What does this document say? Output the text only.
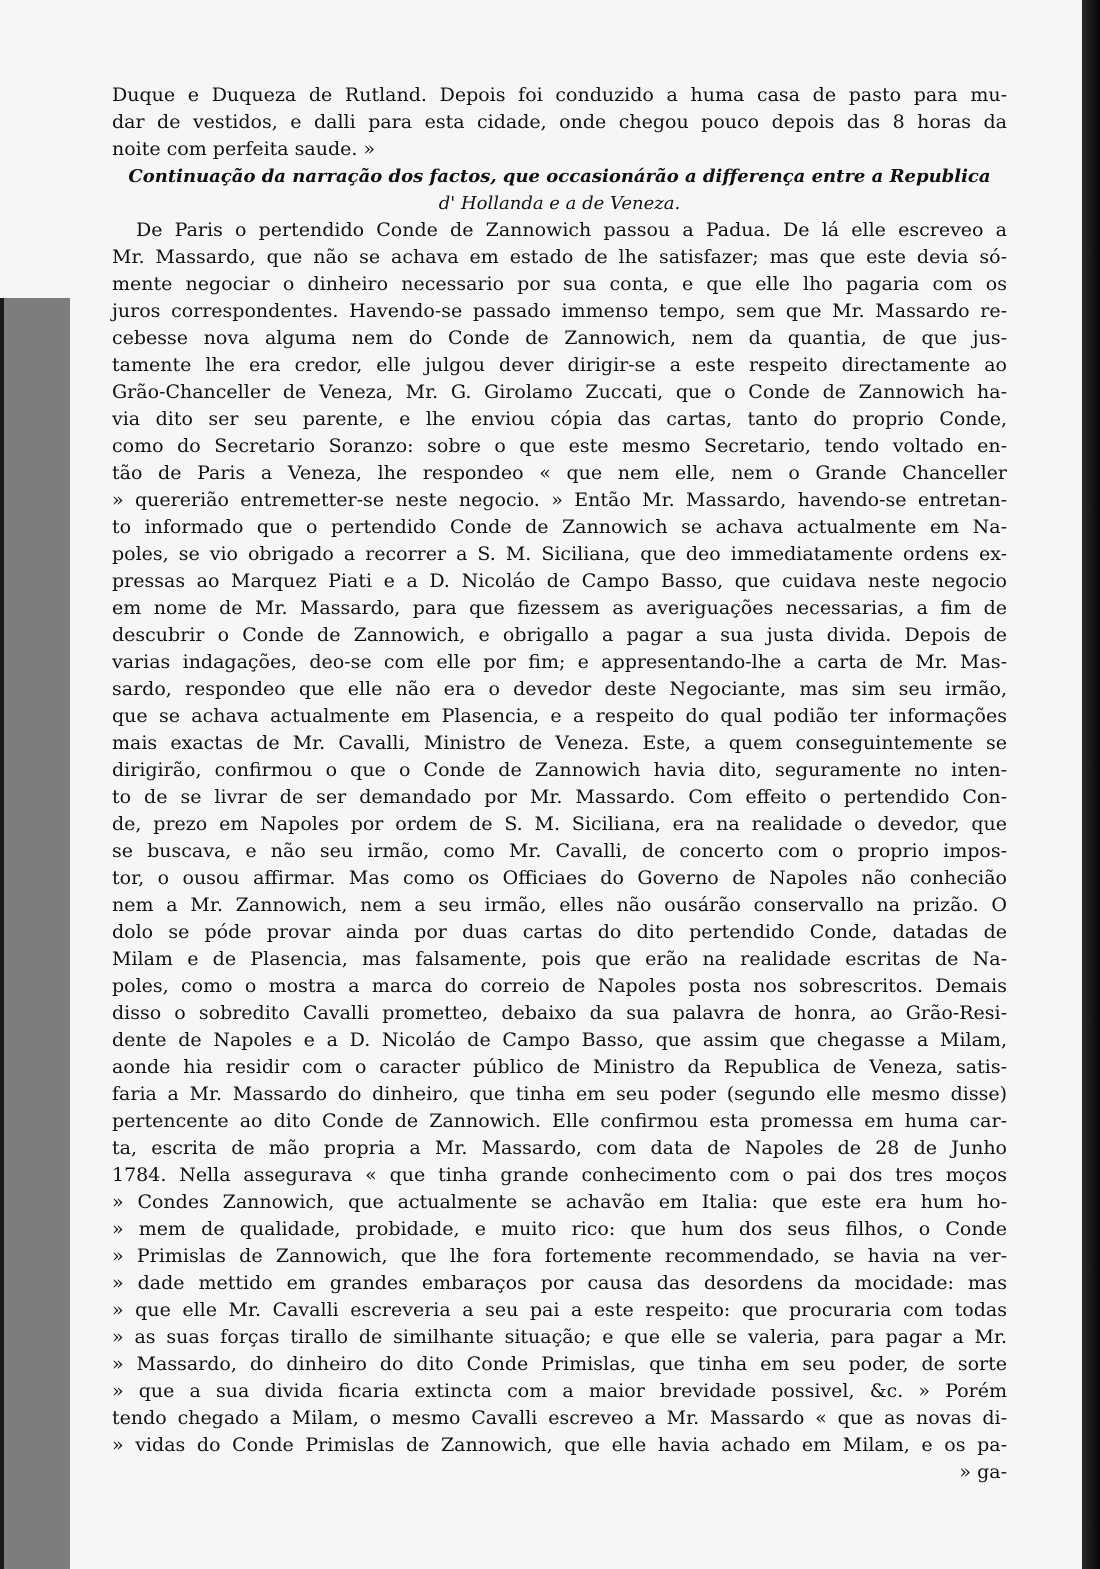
Duque e Duqueza de Rutland. Depois foi conduzido a huma casa de pasto para mu-
dar de vestidos, e dalli para esta cidade, onde chegou pouco depois das 8 horas da
noite com perfeita saude. »
Continuação da narração dos factos, que occasionárão a differença entre a Republica
d' Hollanda e a de Veneza.
De Paris o pertendido Conde de Zannowich passou a Padua. De lá elle escreveo a
Mr. Massardo, que não se achava em estado de lhe satisfazer; mas que este devia só-
mente negociar o dinheiro necessario por sua conta, e que elle lho pagaria com os
juros correspondentes. Havendo-se passado immenso tempo, sem que Mr. Massardo re-
cebesse nova alguma nem do Conde de Zannowich, nem da quantia, de que jus-
tamente lhe era credor, elle julgou dever dirigir-se a este respeito directamente ao
Grão-Chanceller de Veneza, Mr. G. Girolamo Zuccati, que o Conde de Zannowich ha-
via dito ser seu parente, e lhe enviou cópia das cartas, tanto do proprio Conde,
como do Secretario Soranzo: sobre o que este mesmo Secretario, tendo voltado en-
tão de Paris a Veneza, lhe respondeo « que nem elle, nem o Grande Chanceller
» quererião entremetter-se neste negocio. » Então Mr. Massardo, havendo-se entretan-
to informado que o pertendido Conde de Zannowich se achava actualmente em Na-
poles, se vio obrigado a recorrer a S. M. Siciliana, que deo immediatamente ordens ex-
pressas ao Marquez Piati e a D. Nicoláo de Campo Basso, que cuidava neste negocio
em nome de Mr. Massardo, para que fizessem as averiguações necessarias, a fim de
descubrir o Conde de Zannowich, e obrigallo a pagar a sua justa divida. Depois de
varias indagações, deo-se com elle por fim; e appresentando-lhe a carta de Mr. Mas-
sardo, respondeo que elle não era o devedor deste Negociante, mas sim seu irmão,
que se achava actualmente em Plasencia, e a respeito do qual podião ter informações
mais exactas de Mr. Cavalli, Ministro de Veneza. Este, a quem conseguintemente se
dirigirão, confirmou o que o Conde de Zannowich havia dito, seguramente no inten-
to de se livrar de ser demandado por Mr. Massardo. Com effeito o pertendido Con-
de, prezo em Napoles por ordem de S. M. Siciliana, era na realidade o devedor, que
se buscava, e não seu irmão, como Mr. Cavalli, de concerto com o proprio impos-
tor, o ousou affirmar. Mas como os Officiaes do Governo de Napoles não conhecião
nem a Mr. Zannowich, nem a seu irmão, elles não ousárão conservallo na prizão. O
dolo se póde provar ainda por duas cartas do dito pertendido Conde, datadas de
Milam e de Plasencia, mas falsamente, pois que erão na realidade escritas de Na-
poles, como o mostra a marca do correio de Napoles posta nos sobrescritos. Demais
disso o sobredito Cavalli prometteo, debaixo da sua palavra de honra, ao Grão-Resi-
dente de Napoles e a D. Nicoláo de Campo Basso, que assim que chegasse a Milam,
aonde hia residir com o caracter público de Ministro da Republica de Veneza, satis-
faria a Mr. Massardo do dinheiro, que tinha em seu poder (segundo elle mesmo disse)
pertencente ao dito Conde de Zannowich. Elle confirmou esta promessa em huma car-
ta, escrita de mão propria a Mr. Massardo, com data de Napoles de 28 de Junho
1784. Nella assegurava « que tinha grande conhecimento com o pai dos tres moços
» Condes Zannowich, que actualmente se achavão em Italia: que este era hum ho-
» mem de qualidade, probidade, e muito rico: que hum dos seus filhos, o Conde
» Primislas de Zannowich, que lhe fora fortemente recommendado, se havia na ver-
» dade mettido em grandes embaraços por causa das desordens da mocidade: mas
» que elle Mr. Cavalli escreveria a seu pai a este respeito: que procuraria com todas
» as suas forças tirallo de similhante situação; e que elle se valeria, para pagar a Mr.
» Massardo, do dinheiro do dito Conde Primislas, que tinha em seu poder, de sorte
» que a sua divida ficaria extincta com a maior brevidade possivel, &c. » Porém
tendo chegado a Milam, o mesmo Cavalli escreveo a Mr. Massardo « que as novas di-
» vidas do Conde Primislas de Zannowich, que elle havia achado em Milam, e os pa-
» ga-
